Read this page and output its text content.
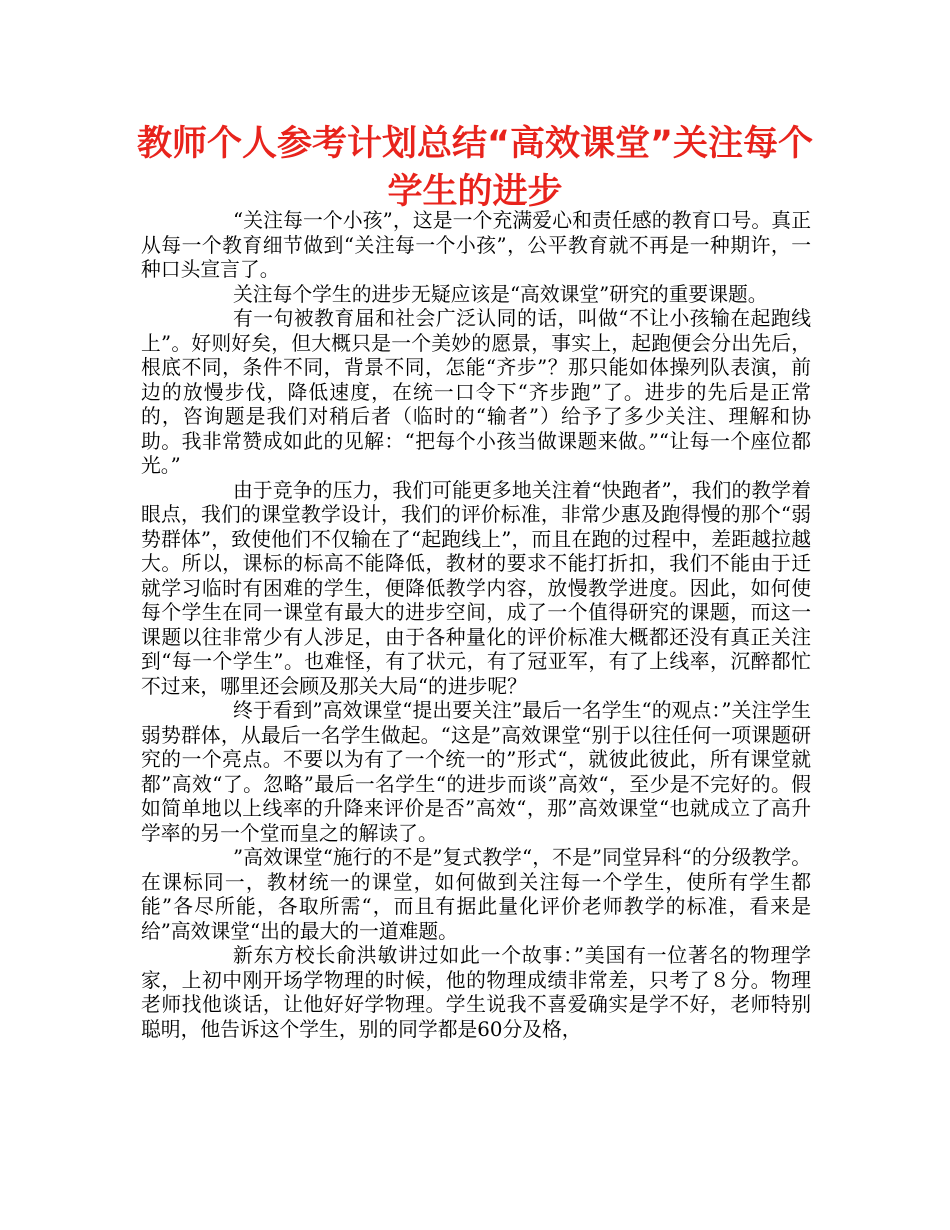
教师个人参考计划总结“高效课堂”关注每个学生的进步

“关注每一个小孩”，这是一个充满爱心和责任感的教育口号。真正从每一个教育细节做到“关注每一个小孩”，公平教育就不再是一种期许，一种口头宣言了。

关注每个学生的进步无疑应该是“高效课堂”研究的重要课题。

有一句被教育届和社会广泛认同的话，叫做“不让小孩输在起跑线上”。好则好矣，但大概只是一个美妙的愿景，事实上，起跑便会分出先后，根底不同，条件不同，背景不同，怎能“齐步”？那只能如体操列队表演，前边的放慢步伐，降低速度，在统一口令下“齐步跑”了。进步的先后是正常的，咨询题是我们对稍后者（临时的“输者”）给予了多少关注、理解和协助。我非常赞成如此的见解：“把每个小孩当做课题来做。”“让每一个座位都光。”

由于竞争的压力，我们可能更多地关注着“快跑者”，我们的教学着眼点，我们的课堂教学设计，我们的评价标准，非常少惠及跑得慢的那个“弱势群体”，致使他们不仅输在了“起跑线上”，而且在跑的过程中，差距越拉越大。所以，课标的标高不能降低，教材的要求不能打折扣，我们不能由于迁就学习临时有困难的学生，便降低教学内容，放慢教学进度。因此，如何使每个学生在同一课堂有最大的进步空间，成了一个值得研究的课题，而这一课题以往非常少有人涉足，由于各种量化的评价标准大概都还没有真正关注到“每一个学生”。也难怪，有了状元，有了冠亚军，有了上线率，沉醉都忙不过来，哪里还会顾及那关大局“的进步呢？

终于看到”高效课堂“提出要关注”最后一名学生“的观点：”关注学生弱势群体，从最后一名学生做起。“这是”高效课堂“别于以往任何一项课题研究的一个亮点。不要以为有了一个统一的”形式“，就彼此彼此，所有课堂就都”高效“了。忽略”最后一名学生“的进步而谈”高效“，至少是不完好的。假如简单地以上线率的升降来评价是否”高效“，那”高效课堂“也就成立了高升学率的另一个堂而皇之的解读了。

”高效课堂“施行的不是”复式教学“，不是”同堂异科“的分级教学。在课标同一，教材统一的课堂，如何做到关注每一个学生，使所有学生都能”各尽所能，各取所需“，而且有据此量化评价老师教学的标准，看来是给”高效课堂“出的最大的一道难题。

新东方校长俞洪敏讲过如此一个故事：”美国有一位著名的物理学家，上初中刚开场学物理的时候，他的物理成绩非常差，只考了８分。物理老师找他谈话，让他好好学物理。学生说我不喜爱确实是学不好，老师特别聪明，他告诉这个学生，别的同学都是60分及格，
